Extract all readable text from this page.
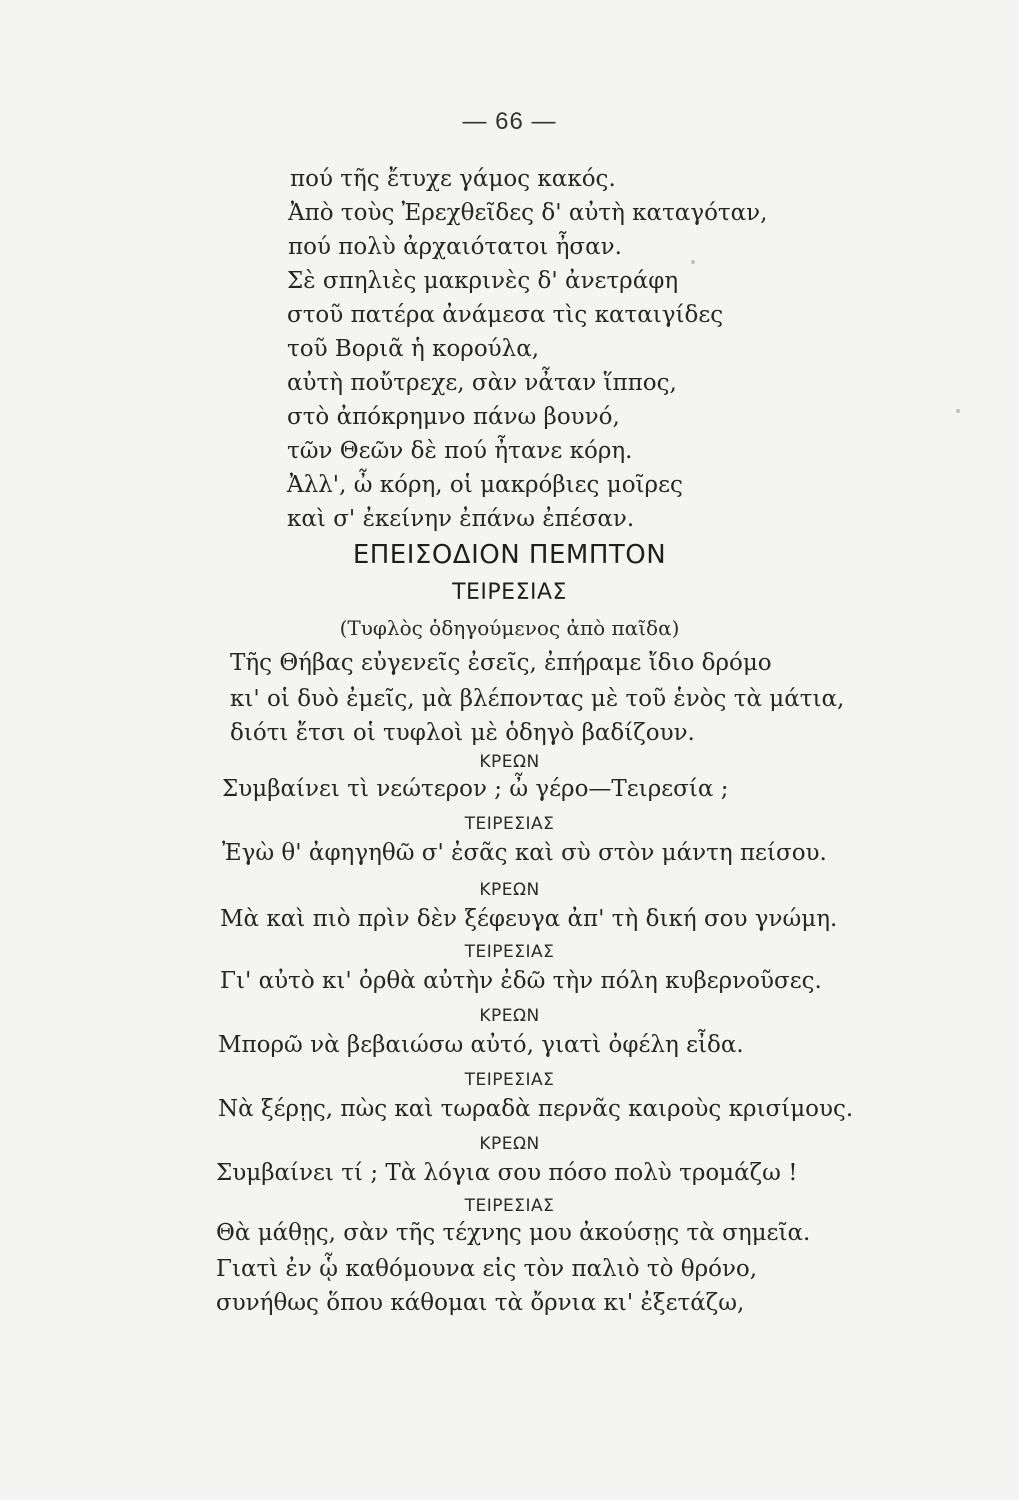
— 66 —
πού τῆς ἔτυχε γάμος κακός.
Ἀπὸ τοὺς Ἐρεχθεῖδες δ' αὐτὴ καταγόταν,
πού πολὺ ἀρχαιότατοι ἦσαν.
Σὲ σπηλιὲς μακρινὲς δ' ἀνετράφη
στοῦ πατέρα ἀνάμεσα τὶς καταιγίδες
τοῦ Βοριᾶ ἡ κορούλα,
αὐτὴ ποὔτρεχε, σὰν νἆταν ἵππος,
στὸ ἀπόκρημνο πάνω βουνό,
τῶν Θεῶν δὲ πού ἦτανε κόρη.
Ἀλλ', ὦ κόρη, οἱ μακρόβιες μοῖρες
καὶ σ' ἐκείνην ἐπάνω ἐπέσαν.
ΕΠΕΙΣΟΔΙΟΝ ΠΕΜΠΤΟΝ
ΤΕΙΡΕΣΙΑΣ
(Τυφλὸς ὁδηγούμενος ἀπὸ παῖδα)
Τῆς Θήβας εὐγενεῖς ἐσεῖς, ἐπήραμε ἴδιο δρόμο
κι' οἱ δυὸ ἐμεῖς, μὰ βλέποντας μὲ τοῦ ἑνὸς τὰ μάτια,
διότι ἔτσι οἱ τυφλοὶ μὲ ὁδηγὸ βαδίζουν.
ΚΡΕΩΝ
Συμβαίνει τὶ νεώτερον ; ὦ γέρο—Τειρεσία ;
ΤΕΙΡΕΣΙΑΣ
Ἐγὼ θ' ἀφηγηθῶ σ' ἐσᾶς καὶ σὺ στὸν μάντη πείσου.
ΚΡΕΩΝ
Μὰ καὶ πιὸ πρὶν δὲν ξέφευγα ἀπ' τὴ δική σου γνώμη.
ΤΕΙΡΕΣΙΑΣ
Γι' αὐτὸ κι' ὀρθὰ αὐτὴν ἐδῶ τὴν πόλη κυβερνοῦσες.
ΚΡΕΩΝ
Μπορῶ νὰ βεβαιώσω αὐτό, γιατὶ ὀφέλη εἶδα.
ΤΕΙΡΕΣΙΑΣ
Νὰ ξέρῃς, πὼς καὶ τωραδὰ περνᾶς καιροὺς κρισίμους.
ΚΡΕΩΝ
Συμβαίνει τί ; Τὰ λόγια σου πόσο πολὺ τρομάζω !
ΤΕΙΡΕΣΙΑΣ
Θὰ μάθῃς, σὰν τῆς τέχνης μου ἀκούσῃς τὰ σημεῖα.
Γιατὶ ἐν ᾧ καθόμουνα εἰς τὸν παλιὸ τὸ θρόνο,
συνήθως ὅπου κάθομαι τὰ ὄρνια κι' ἐξετάζω,
